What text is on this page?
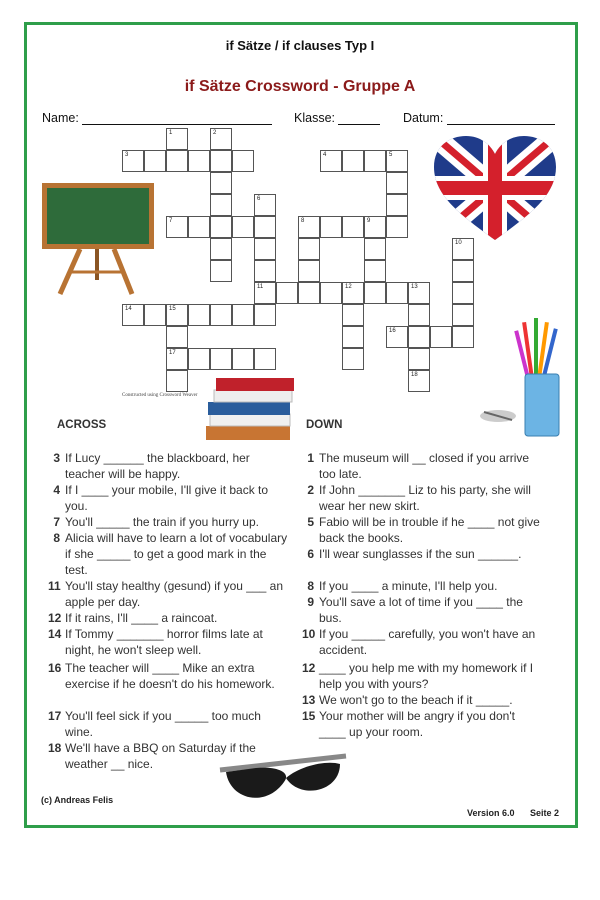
if Sätze / if clauses Typ I
if Sätze Crossword - Gruppe A
Name:	Klasse:	Datum:
3	4	5
7	8	9
11	12	13
14	15
16
17
18
1	2
6
10
Constructed using Crossword Weaver
ACROSS	DOWN
3 If Lucy ______ the blackboard, her teacher will be happy.
4 If I ____ your mobile, I'll give it back to you.
7 You'll _____ the train if you hurry up.
8 Alicia will have to learn a lot of vocabulary if she _____ to get a good mark in the test.
11 You'll stay healthy (gesund) if you ___ an apple per day.
12 If it rains, I'll ____ a raincoat.
14 If Tommy _______ horror films late at night, he won't sleep well.
16 The teacher will ____ Mike an extra exercise if he doesn't do his homework.
17 You'll feel sick if you _____ too much wine.
18 We'll have a BBQ on Saturday if the weather __ nice.
1 The museum will __ closed if you arrive too late.
2 If John _______ Liz to his party, she will wear her new skirt.
5 Fabio will be in trouble if he ____ not give back the books.
6 I'll wear sunglasses if the sun ______.
8 If you ____ a minute, I'll help you.
9 You'll save a lot of time if you ____ the bus.
10 If you _____ carefully, you won't have an accident.
12 ____ you help me with my homework if I help you with yours?
13 We won't go to the beach if it _____.
15 Your mother will be angry if you don't ____ up your room.
(c) Andreas Felis
Version 6.0 Seite 2
